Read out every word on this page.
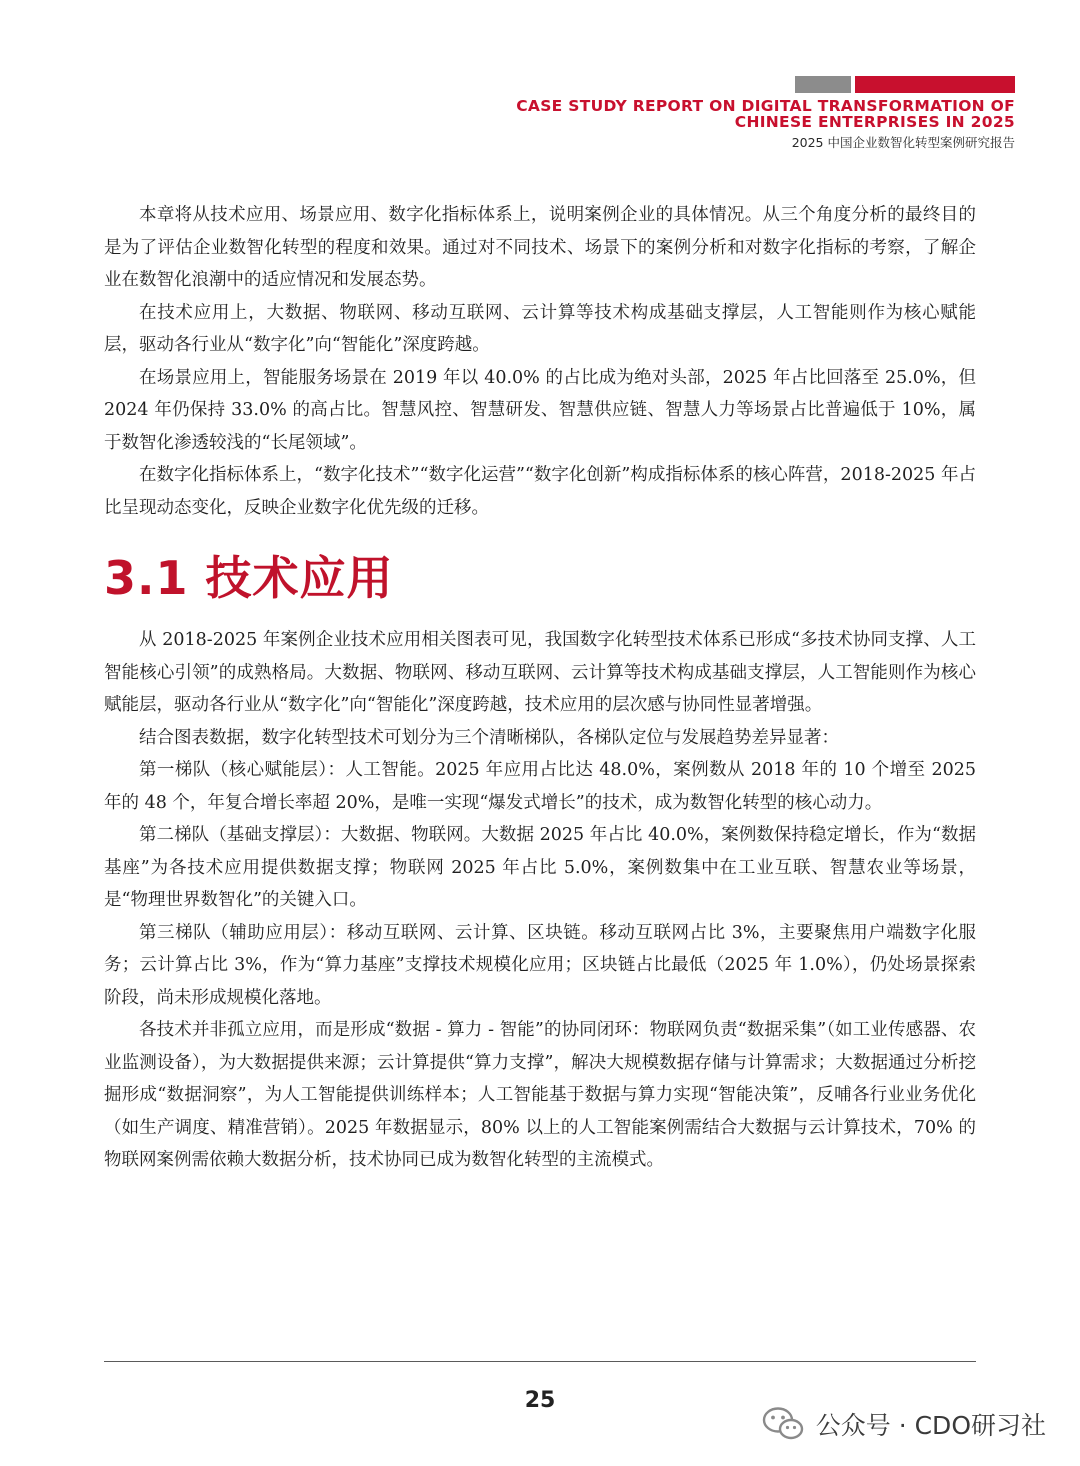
CASE STUDY REPORT ON DIGITAL TRANSFORMATION OF
CHINESE ENTERPRISES IN 2025
2025 中国企业数智化转型案例研究报告

本章将从技术应用、场景应用、数字化指标体系上，说明案例企业的具体情况。从三个角度分析的最终目的是为了评估企业数智化转型的程度和效果。通过对不同技术、场景下的案例分析和对数字化指标的考察，了解企业在数智化浪潮中的适应情况和发展态势。

在技术应用上，大数据、物联网、移动互联网、云计算等技术构成基础支撑层，人工智能则作为核心赋能层，驱动各行业从“数字化”向“智能化”深度跨越。

在场景应用上，智能服务场景在 2019 年以 40.0% 的占比成为绝对头部，2025 年占比回落至 25.0%，但 2024 年仍保持 33.0% 的高占比。智慧风控、智慧研发、智慧供应链、智慧人力等场景占比普遍低于 10%，属于数智化渗透较浅的“长尾领域”。

在数字化指标体系上，“数字化技术”“数字化运营”“数字化创新”构成指标体系的核心阵营，2018-2025 年占比呈现动态变化，反映企业数字化优先级的迁移。

3.1 技术应用

从 2018-2025 年案例企业技术应用相关图表可见，我国数字化转型技术体系已形成“多技术协同支撑、人工智能核心引领”的成熟格局。大数据、物联网、移动互联网、云计算等技术构成基础支撑层，人工智能则作为核心赋能层，驱动各行业从“数字化”向“智能化”深度跨越，技术应用的层次感与协同性显著增强。

结合图表数据，数字化转型技术可划分为三个清晰梯队，各梯队定位与发展趋势差异显著：

第一梯队（核心赋能层）：人工智能。2025 年应用占比达 48.0%，案例数从 2018 年的 10 个增至 2025 年的 48 个，年复合增长率超 20%，是唯一实现“爆发式增长”的技术，成为数智化转型的核心动力。

第二梯队（基础支撑层）：大数据、物联网。大数据 2025 年占比 40.0%，案例数保持稳定增长，作为“数据基座”为各技术应用提供数据支撑；物联网 2025 年占比 5.0%，案例数集中在工业互联、智慧农业等场景，是“物理世界数智化”的关键入口。

第三梯队（辅助应用层）：移动互联网、云计算、区块链。移动互联网占比 3%，主要聚焦用户端数字化服务；云计算占比 3%，作为“算力基座”支撑技术规模化应用；区块链占比最低（2025 年 1.0%），仍处场景探索阶段，尚未形成规模化落地。

各技术并非孤立应用，而是形成“数据 - 算力 - 智能”的协同闭环：物联网负责“数据采集”（如工业传感器、农业监测设备），为大数据提供来源；云计算提供“算力支撑”，解决大规模数据存储与计算需求；大数据通过分析挖掘形成“数据洞察”，为人工智能提供训练样本；人工智能基于数据与算力实现“智能决策”，反哺各行业业务优化（如生产调度、精准营销）。2025 年数据显示，80% 以上的人工智能案例需结合大数据与云计算技术，70% 的物联网案例需依赖大数据分析，技术协同已成为数智化转型的主流模式。

25
公众号 · CDO研习社
